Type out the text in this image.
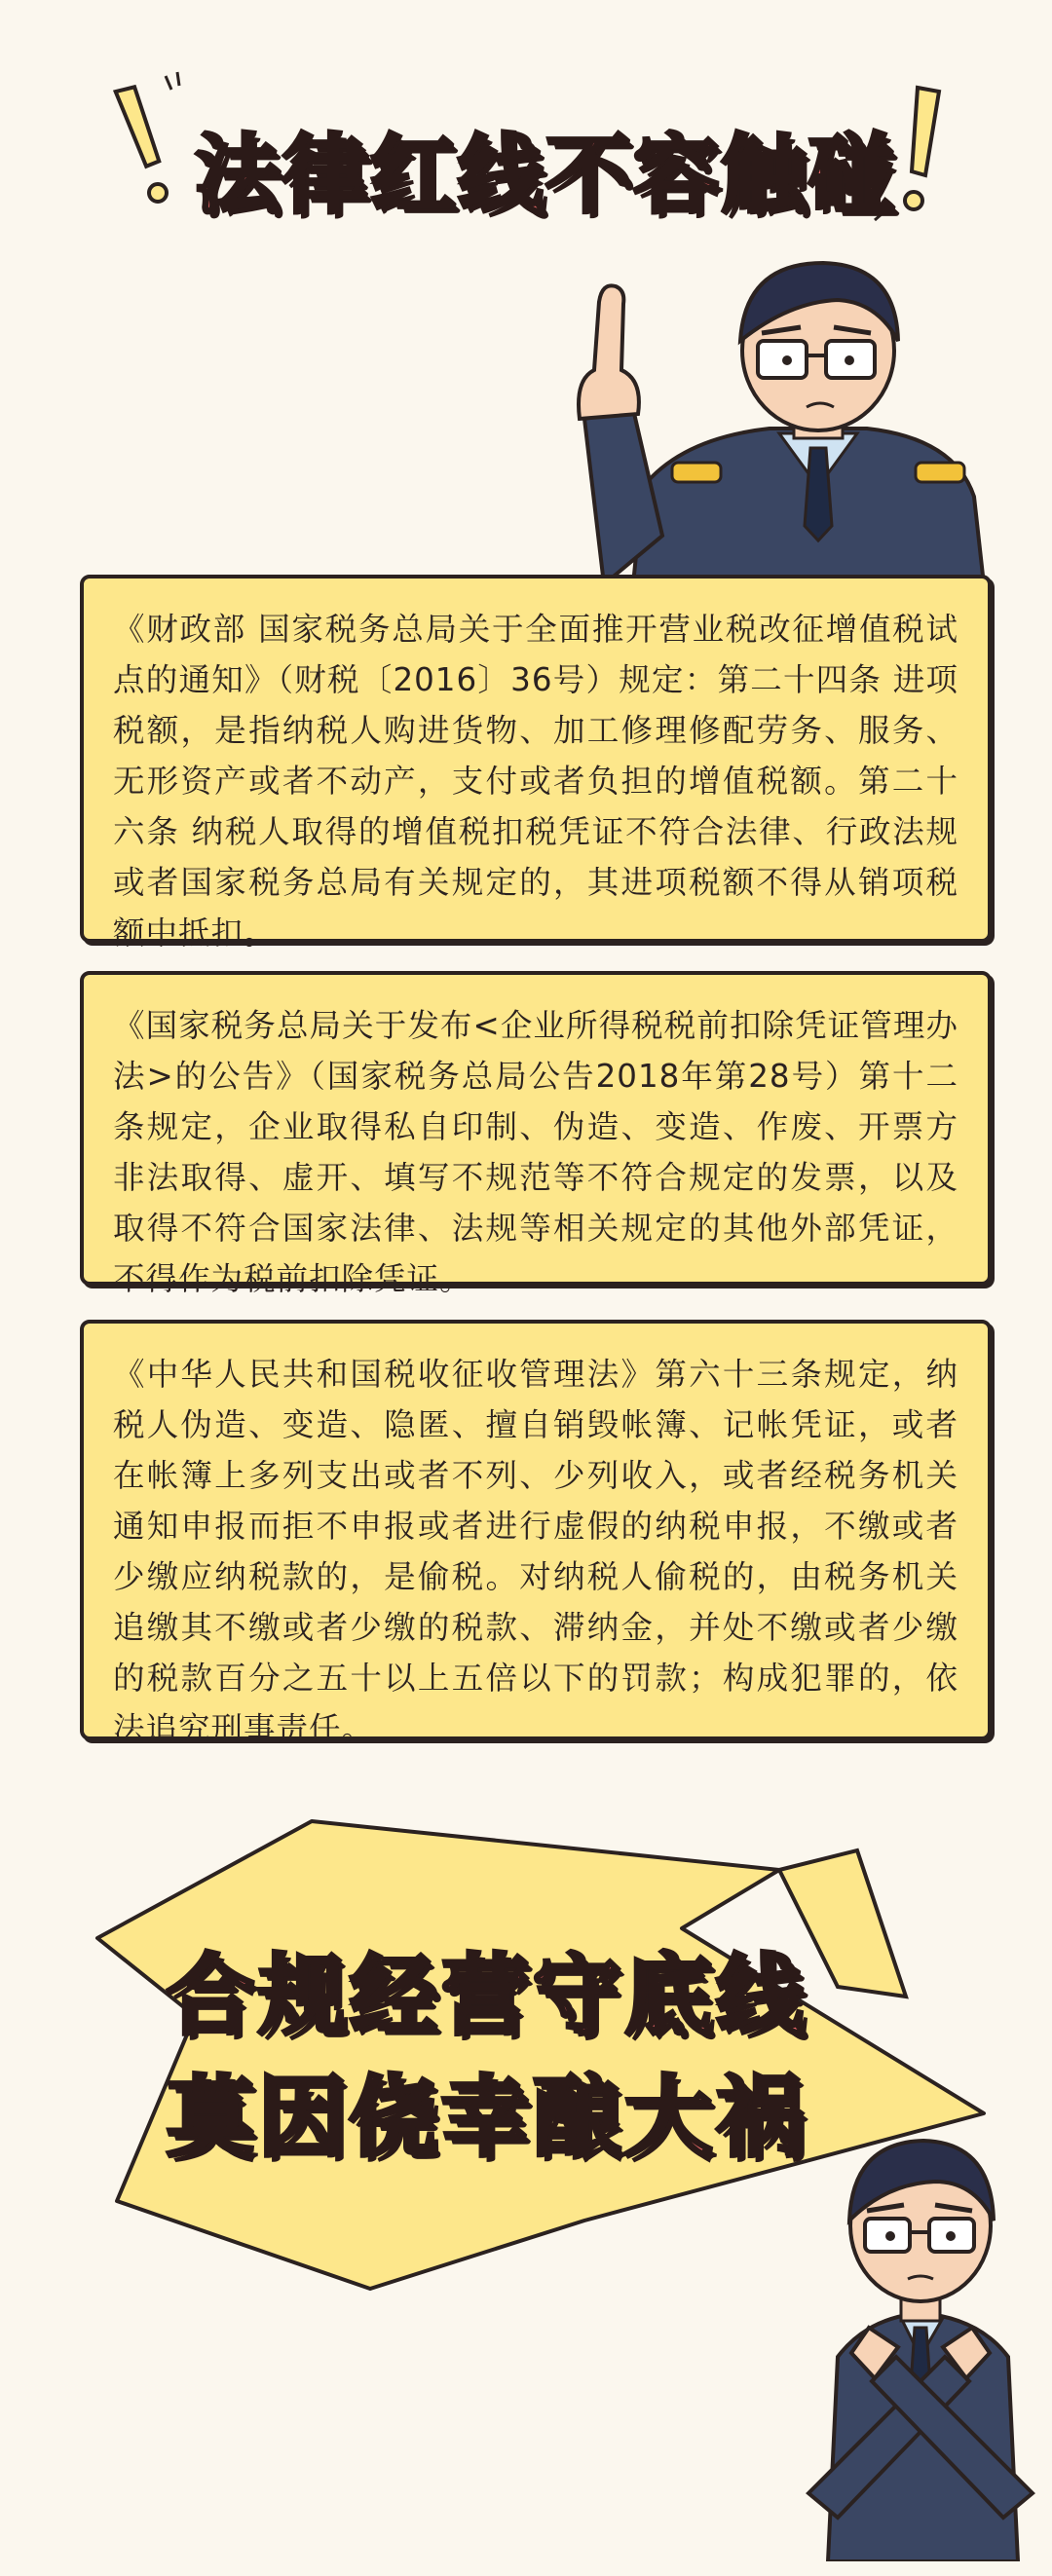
法律红线不容触碰

《财政部 国家税务总局关于全面推开营业税改征增值税试点的通知》（财税〔2016〕36号）规定：第二十四条 进项税额，是指纳税人购进货物、加工修理修配劳务、服务、无形资产或者不动产，支付或者负担的增值税额。第二十六条 纳税人取得的增值税扣税凭证不符合法律、行政法规或者国家税务总局有关规定的，其进项税额不得从销项税额中抵扣。

《国家税务总局关于发布<企业所得税税前扣除凭证管理办法>的公告》（国家税务总局公告2018年第28号）第十二条规定，企业取得私自印制、伪造、变造、作废、开票方非法取得、虚开、填写不规范等不符合规定的发票，以及取得不符合国家法律、法规等相关规定的其他外部凭证，不得作为税前扣除凭证。

《中华人民共和国税收征收管理法》第六十三条规定，纳税人伪造、变造、隐匿、擅自销毁帐簿、记帐凭证，或者在帐簿上多列支出或者不列、少列收入，或者经税务机关通知申报而拒不申报或者进行虚假的纳税申报，不缴或者少缴应纳税款的，是偷税。对纳税人偷税的，由税务机关追缴其不缴或者少缴的税款、滞纳金，并处不缴或者少缴的税款百分之五十以上五倍以下的罚款；构成犯罪的，依法追究刑事责任。

合规经营守底线
莫因侥幸酿大祸
